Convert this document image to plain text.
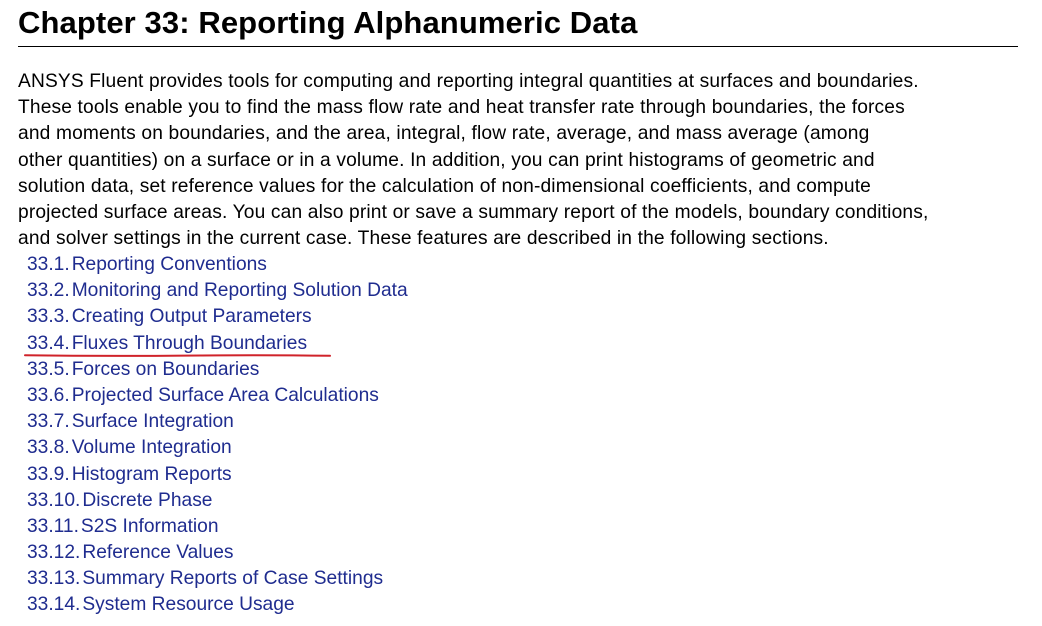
Chapter 33: Reporting Alphanumeric Data

ANSYS Fluent provides tools for computing and reporting integral quantities at surfaces and boundaries.
These tools enable you to find the mass flow rate and heat transfer rate through boundaries, the forces
and moments on boundaries, and the area, integral, flow rate, average, and mass average (among
other quantities) on a surface or in a volume. In addition, you can print histograms of geometric and
solution data, set reference values for the calculation of non-dimensional coefficients, and compute
projected surface areas. You can also print or save a summary report of the models, boundary conditions,
and solver settings in the current case. These features are described in the following sections.

33.1. Reporting Conventions
33.2. Monitoring and Reporting Solution Data
33.3. Creating Output Parameters
33.4. Fluxes Through Boundaries
33.5. Forces on Boundaries
33.6. Projected Surface Area Calculations
33.7. Surface Integration
33.8. Volume Integration
33.9. Histogram Reports
33.10. Discrete Phase
33.11. S2S Information
33.12. Reference Values
33.13. Summary Reports of Case Settings
33.14. System Resource Usage
